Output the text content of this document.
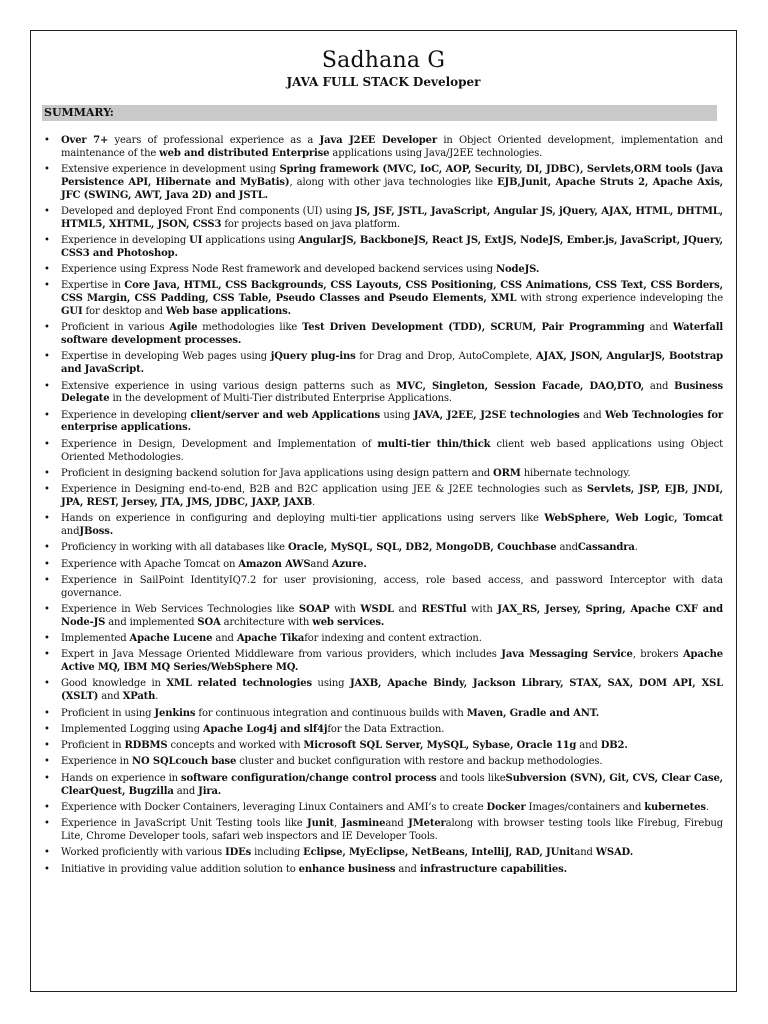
Sadhana G
JAVA FULL STACK Developer
SUMMARY:
• Over 7+ years of professional experience as a Java J2EE Developer in Object Oriented development, implementation and maintenance of the web and distributed Enterprise applications using Java/J2EE technologies.
• Extensive experience in development using Spring framework (MVC, IoC, AOP, Security, DI, JDBC), Servlets,ORM tools (Java Persistence API, Hibernate and MyBatis), along with other java technologies like EJB,Junit, Apache Struts 2, Apache Axis, JFC (SWING, AWT, Java 2D) and JSTL.
• Developed and deployed Front End components (UI) using JS, JSF, JSTL, JavaScript, Angular JS, jQuery, AJAX, HTML, DHTML, HTML5, XHTML, JSON, CSS3 for projects based on java platform.
• Experience in developing UI applications using AngularJS, BackboneJS, React JS, ExtJS, NodeJS, Ember.js, JavaScript, JQuery, CSS3 and Photoshop.
• Experience using Express Node Rest framework and developed backend services using NodeJS.
• Expertise in Core Java, HTML, CSS Backgrounds, CSS Layouts, CSS Positioning, CSS Animations, CSS Text, CSS Borders, CSS Margin, CSS Padding, CSS Table, Pseudo Classes and Pseudo Elements, XML with strong experience indeveloping the GUI for desktop and Web base applications.
• Proficient in various Agile methodologies like Test Driven Development (TDD), SCRUM, Pair Programming and Waterfall software development processes.
• Expertise in developing Web pages using jQuery plug-ins for Drag and Drop, AutoComplete, AJAX, JSON, AngularJS, Bootstrap and JavaScript.
• Extensive experience in using various design patterns such as MVC, Singleton, Session Facade, DAO,DTO, and Business Delegate in the development of Multi-Tier distributed Enterprise Applications.
• Experience in developing client/server and web Applications using JAVA, J2EE, J2SE technologies and Web Technologies for enterprise applications.
• Experience in Design, Development and Implementation of multi-tier thin/thick client web based applications using Object Oriented Methodologies.
• Proficient in designing backend solution for Java applications using design pattern and ORM hibernate technology.
• Experience in Designing end-to-end, B2B and B2C application using JEE & J2EE technologies such as Servlets, JSP, EJB, JNDI, JPA, REST, Jersey, JTA, JMS, JDBC, JAXP, JAXB.
• Hands on experience in configuring and deploying multi-tier applications using servers like WebSphere, Web Logic, Tomcat andJBoss.
• Proficiency in working with all databases like Oracle, MySQL, SQL, DB2, MongoDB, Couchbase andCassandra.
• Experience with Apache Tomcat on Amazon AWSand Azure.
• Experience in SailPoint IdentityIQ7.2 for user provisioning, access, role based access, and password Interceptor with data governance.
• Experience in Web Services Technologies like SOAP with WSDL and RESTful with JAX_RS, Jersey, Spring, Apache CXF and Node-JS and implemented SOA architecture with web services.
• Implemented Apache Lucene and Apache Tikafor indexing and content extraction.
• Expert in Java Message Oriented Middleware from various providers, which includes Java Messaging Service, brokers Apache Active MQ, IBM MQ Series/WebSphere MQ.
• Good knowledge in XML related technologies using JAXB, Apache Bindy, Jackson Library, STAX, SAX, DOM API, XSL (XSLT) and XPath.
• Proficient in using Jenkins for continuous integration and continuous builds with Maven, Gradle and ANT.
• Implemented Logging using Apache Log4j and slf4jfor the Data Extraction.
• Proficient in RDBMS concepts and worked with Microsoft SQL Server, MySQL, Sybase, Oracle 11g and DB2.
• Experience in NO SQLcouch base cluster and bucket configuration with restore and backup methodologies.
• Hands on experience in software configuration/change control process and tools likeSubversion (SVN), Git, CVS, Clear Case, ClearQuest, Bugzilla and Jira.
• Experience with Docker Containers, leveraging Linux Containers and AMI’s to create Docker Images/containers and kubernetes.
• Experience in JavaScript Unit Testing tools like Junit, Jasmineand JMeteralong with browser testing tools like Firebug, Firebug Lite, Chrome Developer tools, safari web inspectors and IE Developer Tools.
• Worked proficiently with various IDEs including Eclipse, MyEclipse, NetBeans, IntelliJ, RAD, JUnitand WSAD.
• Initiative in providing value addition solution to enhance business and infrastructure capabilities.
